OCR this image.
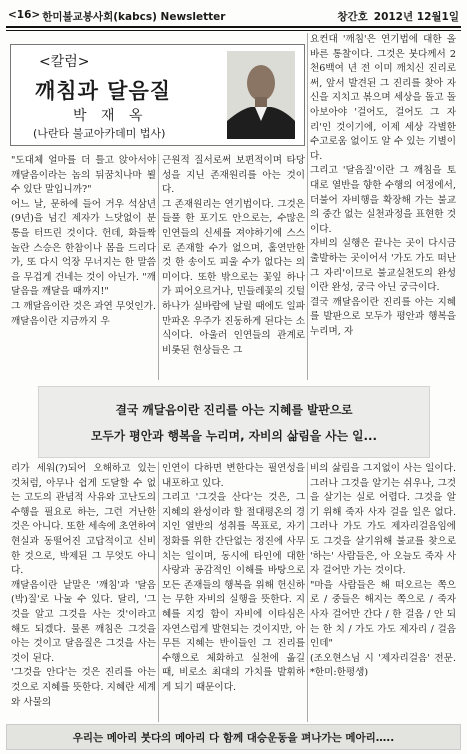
<16> 한미불교봉사회(kabcs) Newsletter	창간호 2012년 12월1일
<칼럼>
깨침과 달음질
박 재 옥
(나란타 불교아카데미 법사)

"도대체 얼마를 더 틀고 앉아서야 깨달음이라는 놈의 뒤꿈치나마 뵐 수 있단 말입니까?"

어느 날, 문하에 들어 거우 석삼년(9년)을 넘긴 제자가 느닷없이 분통을 터뜨린 것이다. 헌데, 화들짝 놀란 스승은 한참이나 몸을 드리다가, 또 다시 억장 무너지는 한 말씀을 무겁게 건네는 것이 아닌가. "깨달음을 깨달을 때까지!"

그 깨달음이란 것은 과연 무엇인가.

깨달음이란 지금까지 우

근원적 질서로써 보편적이며 타당성을 지닌 존재원리를 아는 것이다.

그 존재원리는 연기법이다. 그것은 들풀 한 포기도 안으로는, 수많은 인연들의 신세를 져야하기에 스스로 존재할 수가 없으며, 홀연만한 것 한 송이도 피울 수가 없다는 의미이다. 또한 밖으로는 꽃잎 하나가 피어오르거나, 민들레꽃의 깃털 하나가 실바람에 날릴 때에도 일파만파온 우주가 진동하게 된다는 소식이다. 아울러 인연들의 관계로 비롯된 현상들은 그

요컨대 '깨침'은 연기법에 대한 올바른 통찰이다. 그것은 붓다께서 2천6백여 년 전 이미 깨치신 진리로써, 앞서 발견된 그 진리를 찾아 자신을 지치고 볶으며 세상을 돌고 돌아보아야 '걸어도, 걸어도 그 자리'인 것이기에, 이제 세상 각별한 수고로움 없이도 알 수 있는 기별이다.

그리고 '달음질'이란 그 깨침을 토대로 열반을 향한 수행의 여정에서, 더불어 자비행을 확장해 가는 불교의 중간 없는 실천과정을 표현한 것이다.

자비의 실행은 끝나는 곳이 다시금 출발하는 곳이어서 '가도 가도 떠난 그 자리'이므로 불교실천도의 완성이란 완성, 궁극 아닌 궁극이다.

결국 깨달음이란 진리를 아는 지혜를 발판으로 모두가 평안과 행복을 누리며, 자

결국 깨달음이란 진리를 아는 지혜를 발판으로
모두가 평안과 행복을 누리며, 자비의 삶림을 사는 일...

리가 세워(?)되어 오해하고 있는 것처럼, 아무나 쉽게 도달할 수 없는 고도의 관념적 사유와 고난도의 수행을 필요로 하는, 그런 거난한 것은 아니다. 또한 세속에 초연하여 현실과 동떨어진 고답적이고 신비한 것으로, 박제된 그 무엇도 아니다.

깨달음이란 낱말은 '깨침'과 '달음(박)질'로 나눌 수 있다. 달리, '그것을 알고 그것을 사는 것'이라고 해도 되겠다. 물론 깨침은 그것을 아는 것이고 달음질은 그것을 사는 것이 된다.

'그것을 안다'는 것은 진리를 아는 것으로 지혜를 뜻한다. 지혜란 세계와 사물의

인연이 다하면 변한다는 필연성을 내포하고 있다.

그리고 '그것을 산다'는 것은, 그 지혜의 완성이라 할 절대평온의 경지인 열반의 성취를 목표로, 자기정화를 위한 간단없는 정진에 사무치는 일이며, 동시에 타인에 대한 사랑과 공감적인 이해를 바탕으로 모든 존재들의 행복을 위해 헌신하는 무한 자비의 실행을 뜻한다. 지혜를 지킹 함이 자비에 이타심은 자연스럽게 발현되는 것이지만, 아무튼 지혜는 반이들인 그 진리를 수행으로 체화하고 실천에 옮길 때, 비로소 최대의 가치를 발휘하게 되기 때문이다.

비의 삶림을 그지없이 사는 일이다. 그러나 그것을 알기는 쉬우나, 그것을 살기는 실로 어렵다. 그것을 알기 위해 죽자 사자 걸을 일은 없다. 그러나 가도 가도 제자리걸음임에도 그것을 살기위해 불교를 찾으로 '하는' 사람들은, 아 오늘도 죽자 사자 걸어만 가는 것이다.

"마을 사람들은 해 떠오르는 쪽으로 / 중들은 해지는 쪽으로 / 죽자 사자 걸어만 간다 / 한 걸음 / 안 되는 한 치 / 가도 가도 제자리 / 걸음인데"

(조오현스님 시 '제자리걸음' 전문. *한미:한평생)

우리는 메아리 붓다의 메아리 다 함께 대승운동을 펴나가는 메아리…..
